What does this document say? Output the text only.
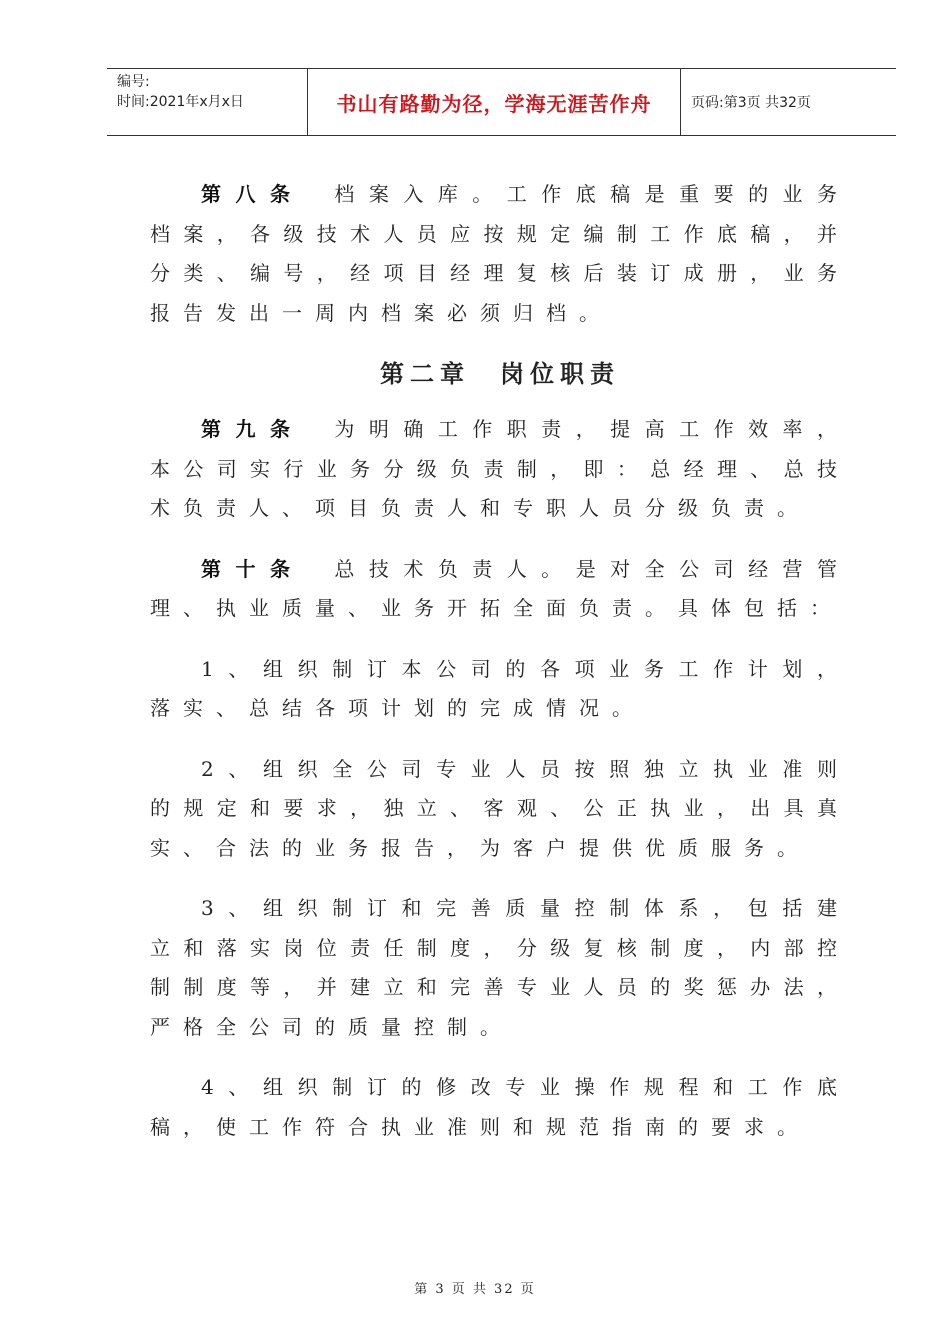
编号:
时间:2021年x月x日	书山有路勤为径，学海无涯苦作舟	页码:第3页 共32页

第八条 档案入库。工作底稿是重要的业务档案，各级技术人员应按规定编制工作底稿，并分类、编号，经项目经理复核后装订成册，业务报告发出一周内档案必须归档。

第二章 岗位职责

第九条 为明确工作职责，提高工作效率，本公司实行业务分级负责制，即：总经理、总技术负责人、项目负责人和专职人员分级负责。

第十条 总技术负责人。是对全公司经营管理、执业质量、业务开拓全面负责。具体包括：

1、组织制订本公司的各项业务工作计划，落实、总结各项计划的完成情况。

2、组织全公司专业人员按照独立执业准则的规定和要求，独立、客观、公正执业，出具真实、合法的业务报告，为客户提供优质服务。

3、组织制订和完善质量控制体系，包括建立和落实岗位责任制度，分级复核制度，内部控制制度等，并建立和完善专业人员的奖惩办法，严格全公司的质量控制。

4、组织制订的修改专业操作规程和工作底稿，使工作符合执业准则和规范指南的要求。

第 3 页 共 32 页
